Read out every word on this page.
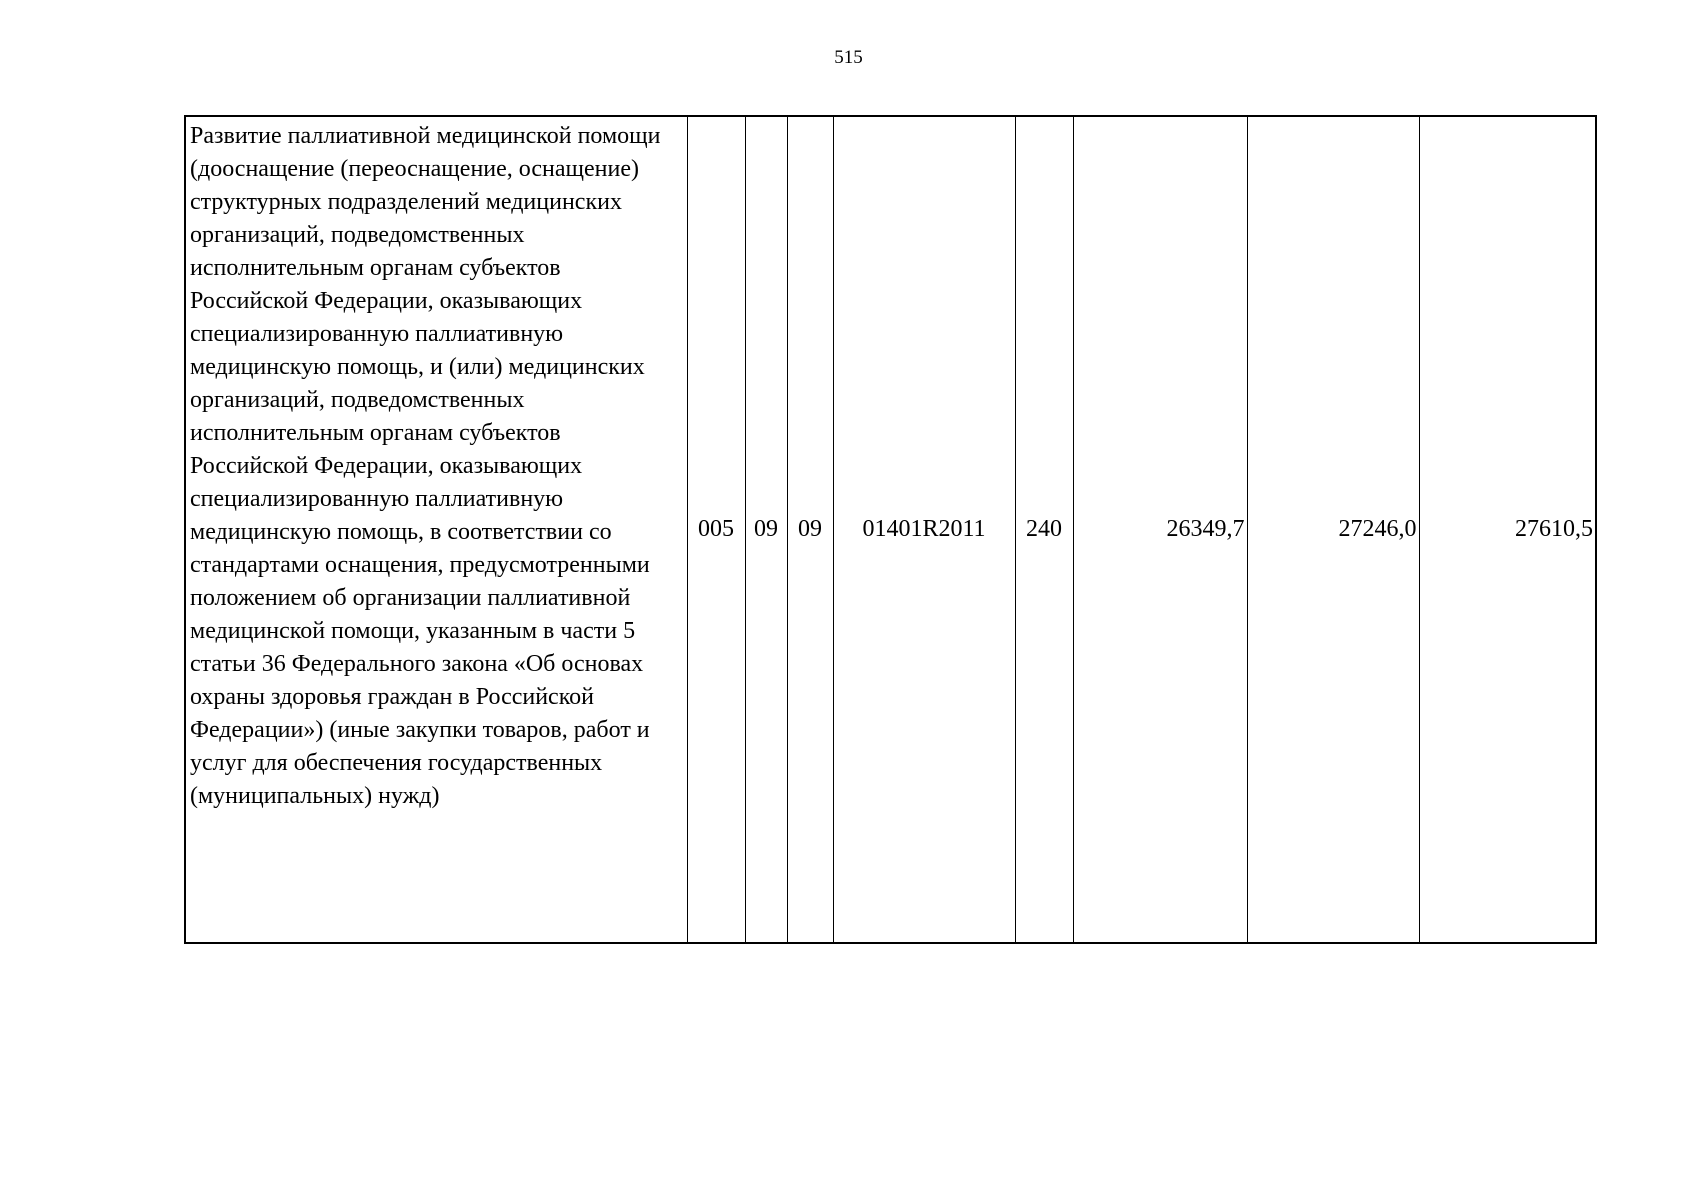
515
Развитие паллиативной медицинской помощи (дооснащение (переоснащение, оснащение) структурных подразделений медицинских организаций, подведомственных исполнительным органам субъектов Российской Федерации, оказывающих специализированную паллиативную медицинскую помощь, и (или) медицинских организаций, подведомственных исполнительным органам субъектов Российской Федерации, оказывающих специализированную паллиативную медицинскую помощь, в соответствии со стандартами оснащения, предусмотренными положением об организации паллиативной медицинской помощи, указанным в части 5 статьи 36 Федерального закона «Об основах охраны здоровья граждан в Российской Федерации») (иные закупки товаров, работ и услуг для обеспечения государственных (муниципальных) нужд)	005	09	09	01401R2011	240	26349,7	27246,0	27610,5
